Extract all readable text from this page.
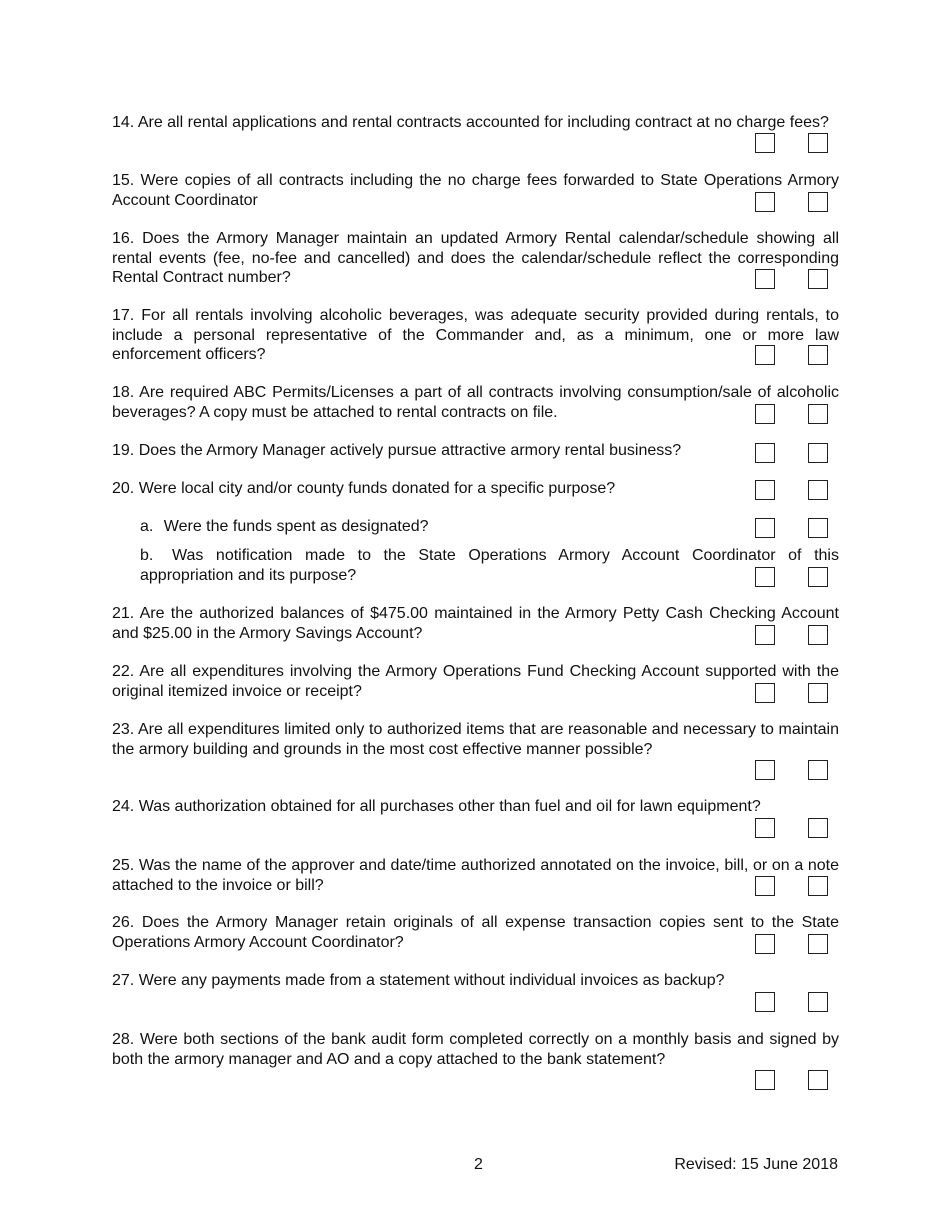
14. Are all rental applications and rental contracts accounted for including contract at no charge fees?

15. Were copies of all contracts including the no charge fees forwarded to State Operations Armory Account Coordinator

16. Does the Armory Manager maintain an updated Armory Rental calendar/schedule showing all rental events (fee, no-fee and cancelled) and does the calendar/schedule reflect the corresponding Rental Contract number?

17. For all rentals involving alcoholic beverages, was adequate security provided during rentals, to include a personal representative of the Commander and, as a minimum, one or more law enforcement officers?

18. Are required ABC Permits/Licenses a part of all contracts involving consumption/sale of alcoholic beverages? A copy must be attached to rental contracts on file.

19. Does the Armory Manager actively pursue attractive armory rental business?

20. Were local city and/or county funds donated for a specific purpose?

a. Were the funds spent as designated?

b. Was notification made to the State Operations Armory Account Coordinator of this appropriation and its purpose?

21. Are the authorized balances of $475.00 maintained in the Armory Petty Cash Checking Account and $25.00 in the Armory Savings Account?

22. Are all expenditures involving the Armory Operations Fund Checking Account supported with the original itemized invoice or receipt?

23. Are all expenditures limited only to authorized items that are reasonable and necessary to maintain the armory building and grounds in the most cost effective manner possible?

24. Was authorization obtained for all purchases other than fuel and oil for lawn equipment?

25. Was the name of the approver and date/time authorized annotated on the invoice, bill, or on a note attached to the invoice or bill?

26. Does the Armory Manager retain originals of all expense transaction copies sent to the State Operations Armory Account Coordinator?

27. Were any payments made from a statement without individual invoices as backup?

28. Were both sections of the bank audit form completed correctly on a monthly basis and signed by both the armory manager and AO and a copy attached to the bank statement?

2	Revised: 15 June 2018
